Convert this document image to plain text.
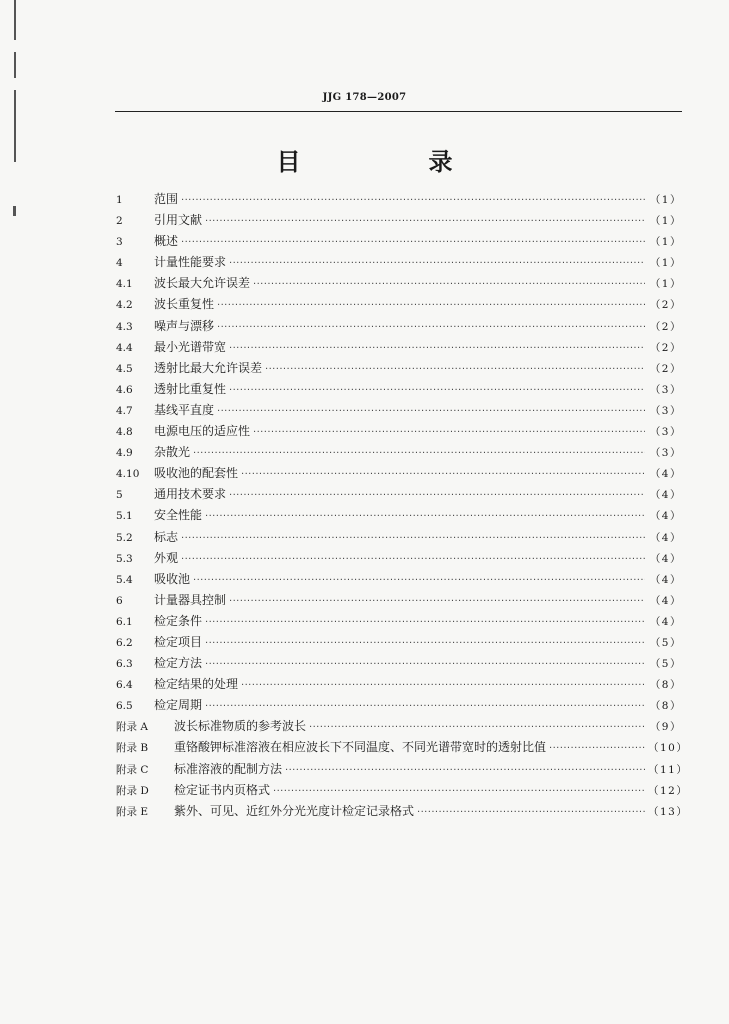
JJG 178—2007
目　录
1	范围 ·····	（1）
2	引用文献 ·····	（1）
3	概述 ·····	（1）
4	计量性能要求 ·····	（1）
4.1	波长最大允许误差 ·····	（1）
4.2	波长重复性 ·····	（2）
4.3	噪声与漂移 ·····	（2）
4.4	最小光谱带宽 ·····	（2）
4.5	透射比最大允许误差 ·····	（2）
4.6	透射比重复性 ·····	（3）
4.7	基线平直度 ·····	（3）
4.8	电源电压的适应性 ·····	（3）
4.9	杂散光 ·····	（3）
4.10	吸收池的配套性 ·····	（4）
5	通用技术要求 ·····	（4）
5.1	安全性能 ·····	（4）
5.2	标志 ·····	（4）
5.3	外观 ·····	（4）
5.4	吸收池 ·····	（4）
6	计量器具控制 ·····	（4）
6.1	检定条件 ·····	（4）
6.2	检定项目 ·····	（5）
6.3	检定方法 ·····	（5）
6.4	检定结果的处理 ·····	（8）
6.5	检定周期 ·····	（8）
附录 A	波长标准物质的参考波长 ·····	（9）
附录 B	重铬酸钾标准溶液在相应波长下不同温度、不同光谱带宽时的透射比值 ·····	（10）
附录 C	标准溶液的配制方法 ·····	（11）
附录 D	检定证书内页格式 ·····	（12）
附录 E	紫外、可见、近红外分光光度计检定记录格式 ·····	（13）
